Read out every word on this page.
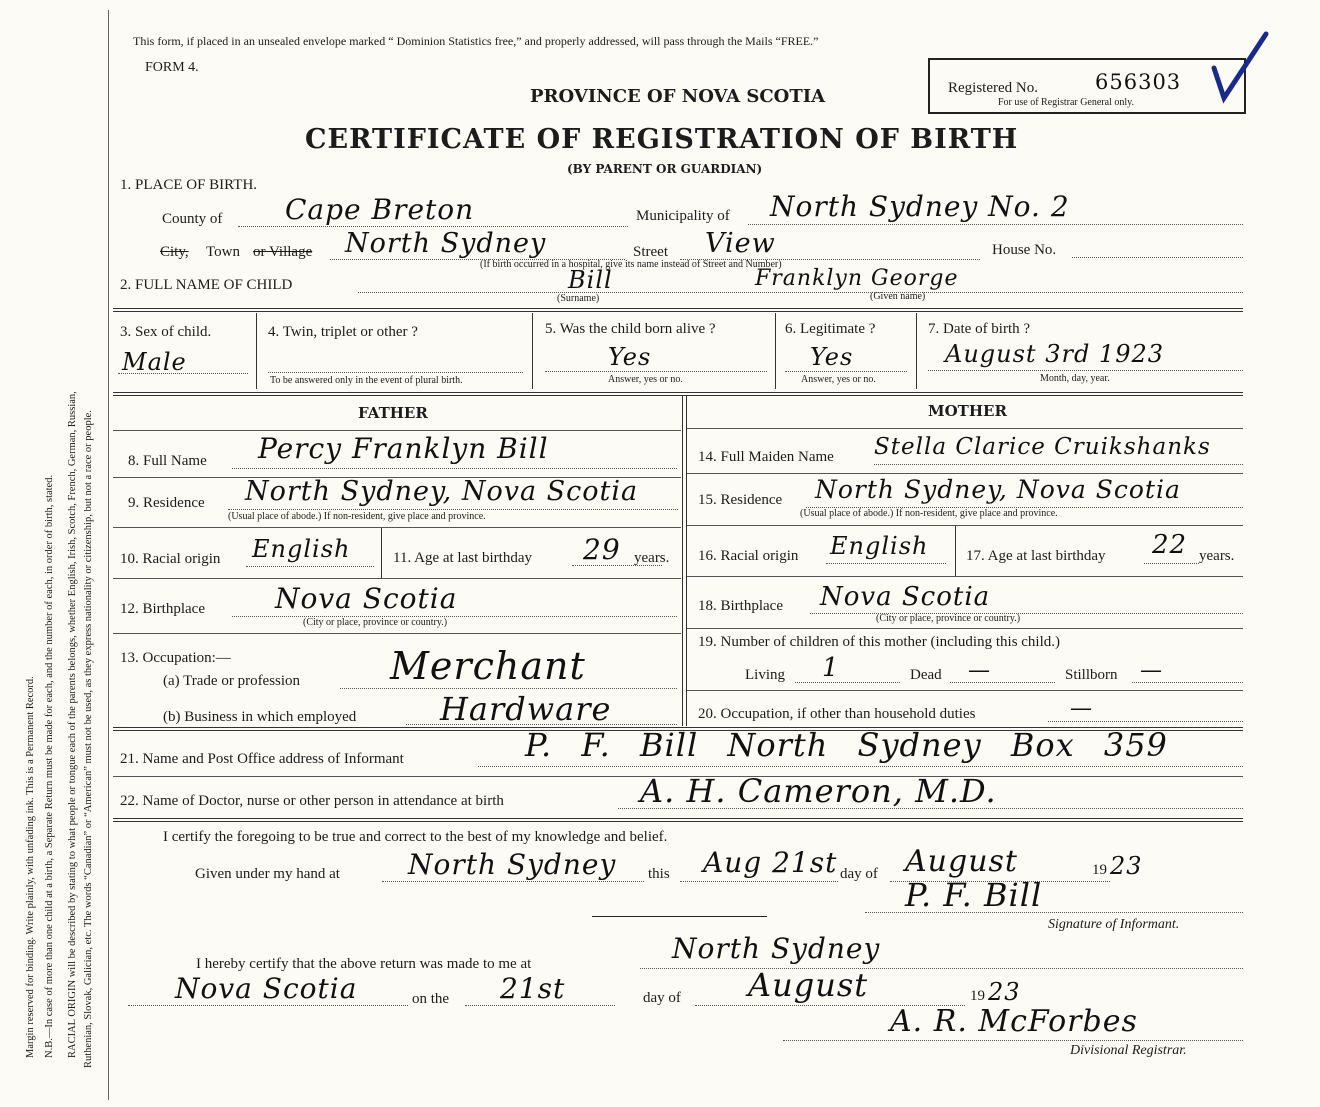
Margin reserved for binding. Write plainly, with unfading ink. This is a Permanent Record. N.B.—In case of more than one child at a birth, a Separate Return must be made for each, and the number of each, in order of birth, stated. RACIAL ORIGIN will be described by stating to what people or tongue each of the parents belongs, whether English, Irish, Scotch, French, German, Russian, Ruthenian, Slovak, Galician, etc. The words “Canadian” or “American” must not be used, as they express nationality or citizenship, but not a race or people.
This form, if placed in an unsealed envelope marked “ Dominion Statistics free,” and properly addressed, will pass through the Mails “FREE.”
FORM 4.
PROVINCE OF NOVA SCOTIA
CERTIFICATE OF REGISTRATION OF BIRTH
(BY PARENT OR GUARDIAN)
Registered No.	656303
For use of Registrar General only.
1. PLACE OF BIRTH.
County of Cape Breton	Municipality of North Sydney No. 2
City, Town or Village North Sydney	Street View	House No.
(If birth occurred in a hospital, give its name instead of Street and Number)
2. FULL NAME OF CHILD	Bill
(Surname)
Franklyn George
(Given name)
3. Sex of child.
Male
4. Twin, triplet or other ?
To be answered only in the event of plural birth.
5. Was the child born alive ?
Yes
Answer, yes or no.
6. Legitimate ?
Yes
Answer, yes or no.
7. Date of birth ?
August 3rd 1923
Month, day, year.
FATHER
8. Full Name Percy Franklyn Bill
9. Residence North Sydney, Nova Scotia
(Usual place of abode.) If non-resident, give place and province.
10. Racial origin English	11. Age at last birthday 29 years.
12. Birthplace	Nova Scotia
(City or place, province or country.)
13. Occupation:—
(a) Trade or profession Merchant
(b) Business in which employed	Hardware
MOTHER
14. Full Maiden Name Stella Clarice Cruikshanks
15. Residence North Sydney, Nova Scotia
(Usual place of abode.) If non-resident, give place and province.
16. Racial origin English	17. Age at last birthday 22 years.
18. Birthplace Nova Scotia
(City or place, province or country.)
19. Number of children of this mother (including this child.)
Living 1	Dead —	Stillborn —
20. Occupation, if other than household duties	—
21. Name and Post Office address of Informant	P. F. Bill North Sydney Box 359
22. Name of Doctor, nurse or other person in attendance at birth	A. H. Cameron, M.D.
I certify the foregoing to be true and correct to the best of my knowledge and belief.
Given under my hand at North Sydney this Aug 21st day of August	19 23
P. F. Bill
Signature of Informant.
I hereby certify that the above return was made to me at	North Sydney
Nova Scotia	on the 21st	day of August	19 23
A. R. McForbes
Divisional Registrar.
